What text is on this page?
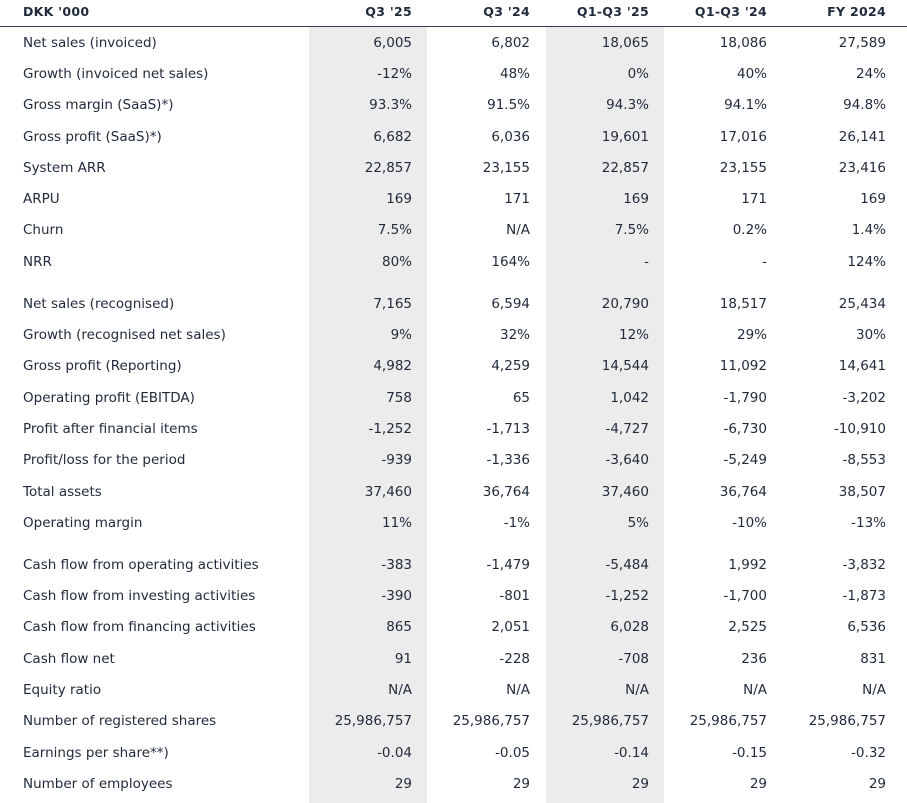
DKK '000	Q3 '25	Q3 '24	Q1-Q3 '25	Q1-Q3 '24	FY 2024
Net sales (invoiced)	6,005	6,802	18,065	18,086	27,589
Growth (invoiced net sales)	-12%	48%	0%	40%	24%
Gross margin (SaaS)*)	93.3%	91.5%	94.3%	94.1%	94.8%
Gross profit (SaaS)*)	6,682	6,036	19,601	17,016	26,141
System ARR	22,857	23,155	22,857	23,155	23,416
ARPU	169	171	169	171	169
Churn	7.5%	N/A	7.5%	0.2%	1.4%
NRR	80%	164%	-	-	124%
Net sales (recognised)	7,165	6,594	20,790	18,517	25,434
Growth (recognised net sales)	9%	32%	12%	29%	30%
Gross profit (Reporting)	4,982	4,259	14,544	11,092	14,641
Operating profit (EBITDA)	758	65	1,042	-1,790	-3,202
Profit after financial items	-1,252	-1,713	-4,727	-6,730	-10,910
Profit/loss for the period	-939	-1,336	-3,640	-5,249	-8,553
Total assets	37,460	36,764	37,460	36,764	38,507
Operating margin	11%	-1%	5%	-10%	-13%
Cash flow from operating activities	-383	-1,479	-5,484	1,992	-3,832
Cash flow from investing activities	-390	-801	-1,252	-1,700	-1,873
Cash flow from financing activities	865	2,051	6,028	2,525	6,536
Cash flow net	91	-228	-708	236	831
Equity ratio	N/A	N/A	N/A	N/A	N/A
Number of registered shares	25,986,757	25,986,757	25,986,757	25,986,757	25,986,757
Earnings per share**)	-0.04	-0.05	-0.14	-0.15	-0.32
Number of employees	29	29	29	29	29
